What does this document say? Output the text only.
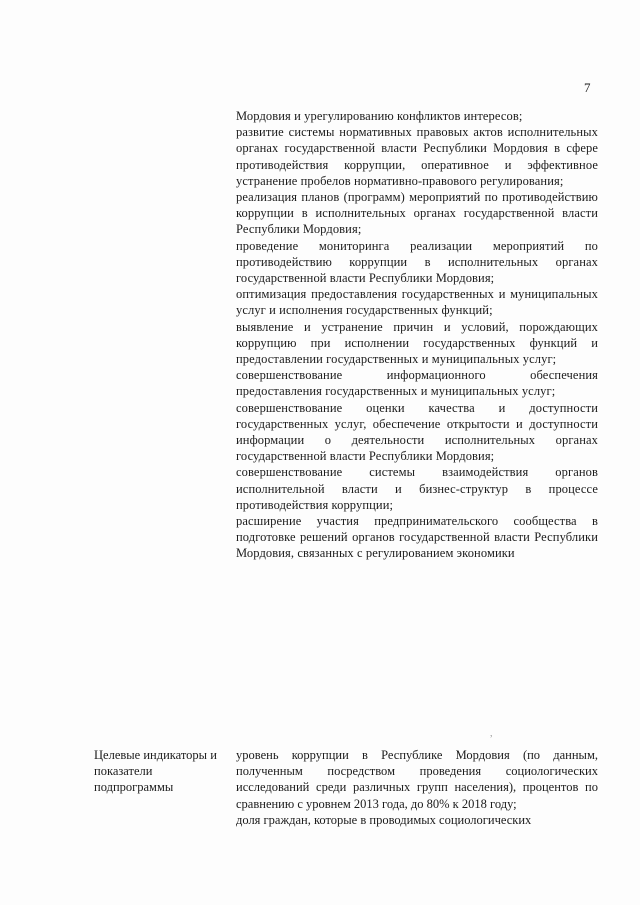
7

Мордовия и урегулированию конфликтов интересов;

развитие системы нормативных правовых актов исполнительных органах государственной власти Республики Мордовия в сфере противодействия коррупции, оперативное и эффективное устранение пробелов нормативно-правового регулирования;

реализация планов (программ) мероприятий по противодействию коррупции в исполнительных органах государственной власти Республики Мордовия;

проведение мониторинга реализации мероприятий по противодействию коррупции в исполнительных органах государственной власти Республики Мордовия;

оптимизация предоставления государственных и муниципальных услуг и исполнения государственных функций;

выявление и устранение причин и условий, порождающих коррупцию при исполнении государственных функций и предоставлении государственных и муниципальных услуг;

совершенствование информационного обеспечения предоставления государственных и муниципальных услуг;

совершенствование оценки качества и доступности государственных услуг, обеспечение открытости и доступности информации о деятельности исполнительных органах государственной власти Республики Мордовия;

совершенствование системы взаимодействия органов исполнительной власти и бизнес-структур в процессе противодействия коррупции;

расширение участия предпринимательского сообщества в подготовке решений органов государственной власти Республики Мордовия, связанных с регулированием экономики

Целевые индикаторы и показатели подпрограммы

уровень коррупции в Республике Мордовия (по данным, полученным посредством проведения социологических исследований среди различных групп населения), процентов по сравнению с уровнем 2013 года, до 80% к 2018 году;

доля граждан, которые в проводимых социологических

,
